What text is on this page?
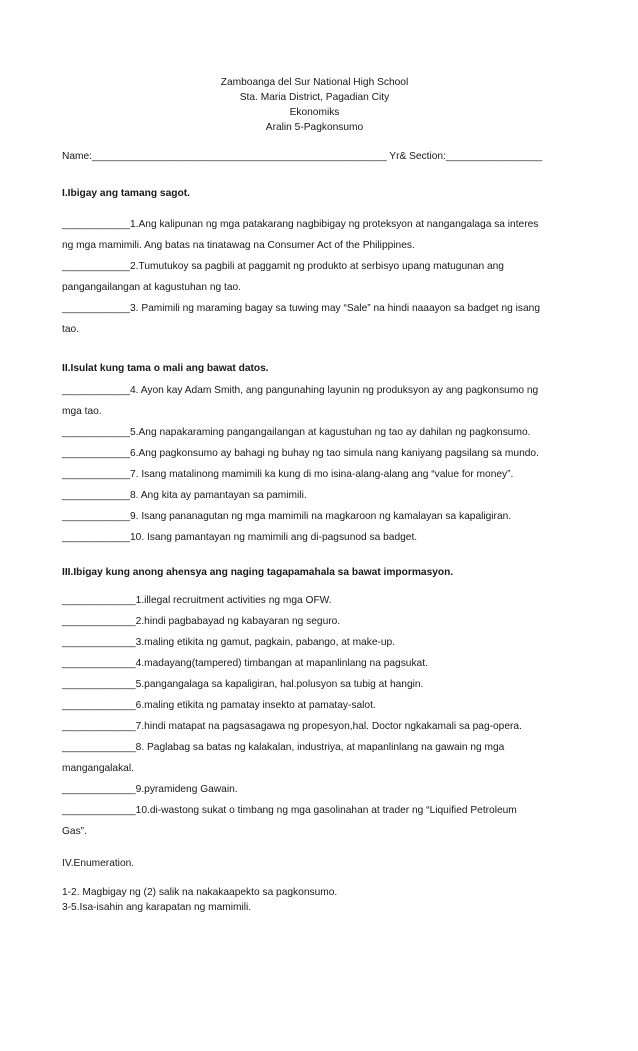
Zamboanga del Sur National High School
Sta. Maria District, Pagadian City
Ekonomiks
Aralin 5-Pagkonsumo
Name:____________________________________________________ Yr& Section:_________________
I.Ibigay ang tamang sagot.
____________1.Ang kalipunan ng mga patakarang nagbibigay ng proteksyon at nangangalaga sa interes
ng mga mamimili. Ang batas na tinatawag na Consumer Act of the Philippines.
____________2.Tumutukoy sa pagbili at paggamit ng produkto at serbisyo upang matugunan ang
pangangailangan at kagustuhan ng tao.
____________3. Pamimili ng maraming bagay sa tuwing may “Sale” na hindi naaayon sa badget ng isang
tao.
II.Isulat kung tama o mali ang bawat datos.
____________4. Ayon kay Adam Smith, ang pangunahing layunin ng produksyon ay ang pagkonsumo ng
mga tao.
____________5.Ang napakaraming pangangailangan at kagustuhan ng tao ay dahilan ng pagkonsumo.
____________6.Ang pagkonsumo ay bahagi ng buhay ng tao simula nang kaniyang pagsilang sa mundo.
____________7. Isang matalinong mamimili ka kung di mo isina-alang-alang ang “value for money”.
____________8. Ang kita ay pamantayan sa pamimili.
____________9. Isang pananagutan ng mga mamimili na magkaroon ng kamalayan sa kapaligiran.
____________10. Isang pamantayan ng mamimili ang di-pagsunod sa badget.
III.Ibigay kung anong ahensya ang naging tagapamahala sa bawat impormasyon.
_____________1.illegal recruitment activities ng mga OFW.
_____________2.hindi pagbabayad ng kabayaran ng seguro.
_____________3.maling etikita ng gamut, pagkain, pabango, at make-up.
_____________4.madayang(tampered) timbangan at mapanlinlang na pagsukat.
_____________5.pangangalaga sa kapaligiran, hal.polusyon sa tubig at hangin.
_____________6.maling etikita ng pamatay insekto at pamatay-salot.
_____________7.hindi matapat na pagsasagawa ng propesyon,hal. Doctor ngkakamali sa pag-opera.
_____________8. Paglabag sa batas ng kalakalan, industriya, at mapanlinlang na gawain ng mga
mangangalakal.
_____________9.pyramideng Gawain.
_____________10.di-wastong sukat o timbang ng mga gasolinahan at trader ng “Liquified Petroleum
Gas”.
IV.Enumeration.
1-2. Magbigay ng (2) salik na nakakaapekto sa pagkonsumo.
3-5.Isa-isahin ang karapatan ng mamimili.
